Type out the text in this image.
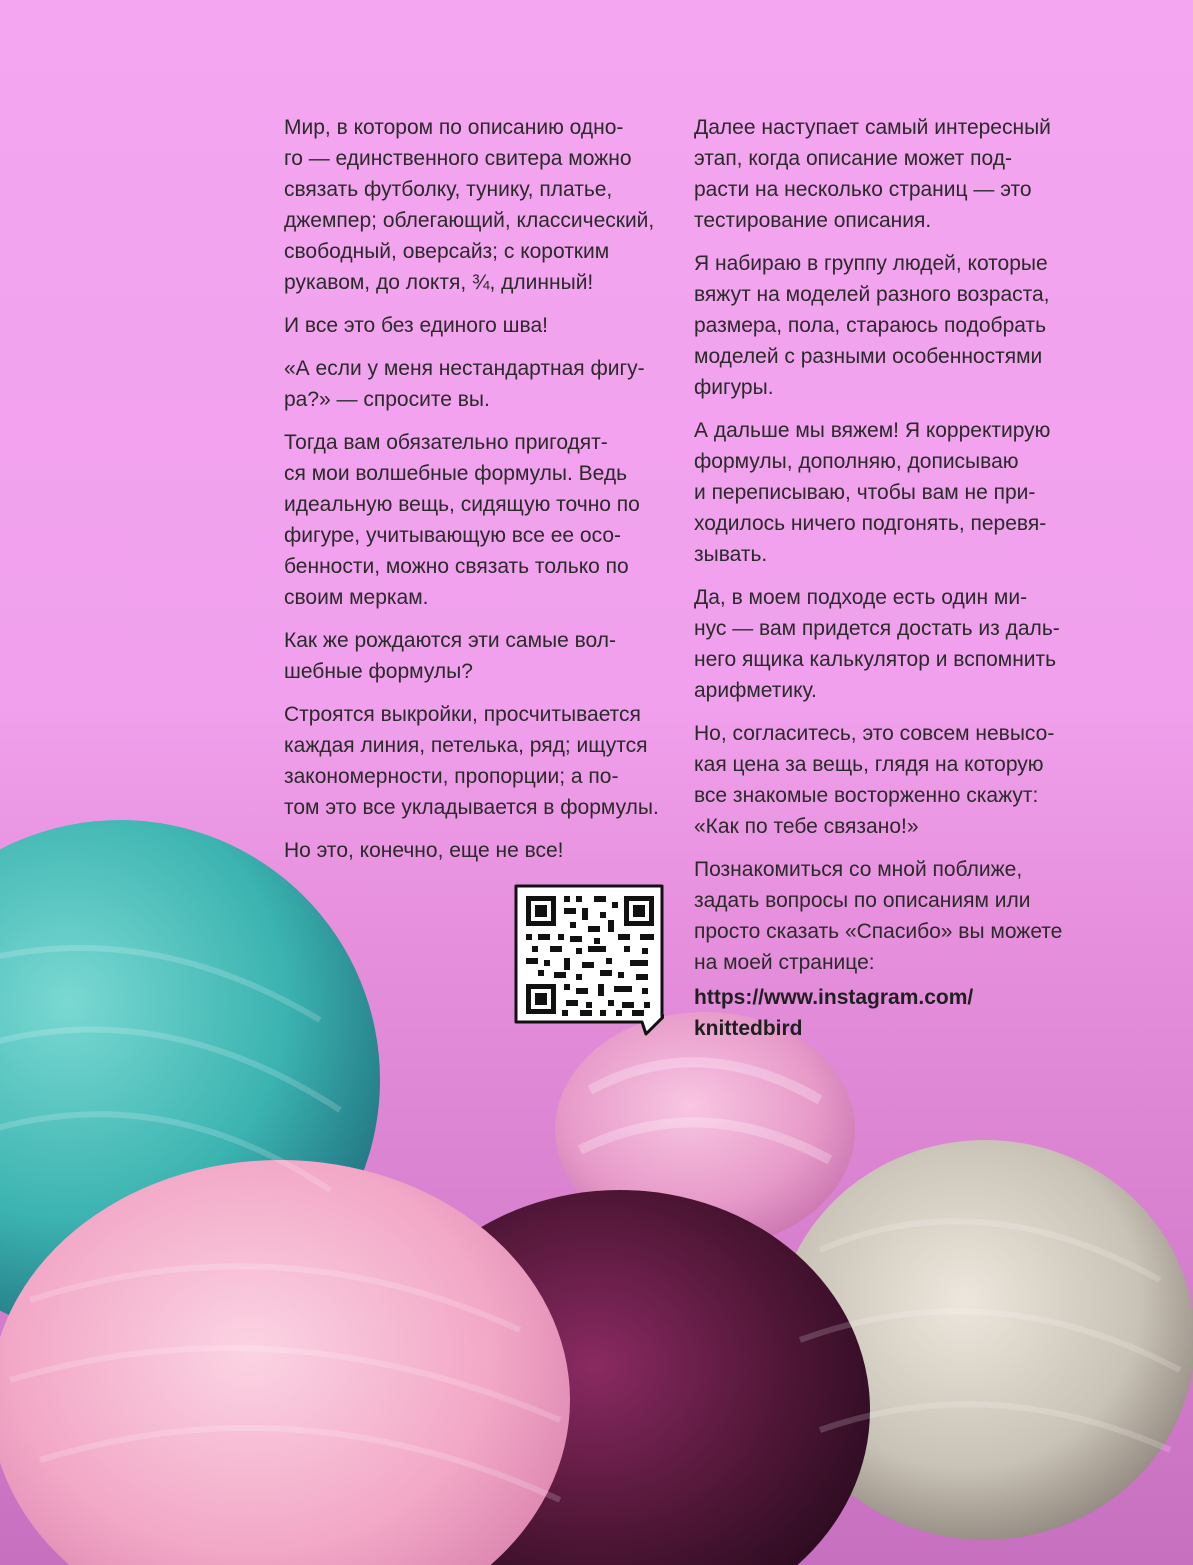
Мир, в котором по описанию одно-
го — единственного свитера можно
связать футболку, тунику, платье,
джемпер; облегающий, классический,
свободный, оверсайз; с коротким
рукавом, до локтя, ¾, длинный!

И все это без единого шва!

«А если у меня нестандартная фигу-
ра?» — спросите вы.

Тогда вам обязательно пригодят-
ся мои волшебные формулы. Ведь
идеальную вещь, сидящую точно по
фигуре, учитывающую все ее осо-
бенности, можно связать только по
своим меркам.

Как же рождаются эти самые вол-
шебные формулы?

Строятся выкройки, просчитывается
каждая линия, петелька, ряд; ищутся
закономерности, пропорции; а по-
том это все укладывается в формулы.

Но это, конечно, еще не все!

Далее наступает самый интересный
этап, когда описание может под-
расти на несколько страниц — это
тестирование описания.

Я набираю в группу людей, которые
вяжут на моделей разного возраста,
размера, пола, стараюсь подобрать
моделей с разными особенностями
фигуры.

А дальше мы вяжем! Я корректирую
формулы, дополняю, дописываю
и переписываю, чтобы вам не при-
ходилось ничего подгонять, перевя-
зывать.

Да, в моем подходе есть один ми-
нус — вам придется достать из даль-
него ящика калькулятор и вспомнить
арифметику.

Но, согласитесь, это совсем невысо-
кая цена за вещь, глядя на которую
все знакомые восторженно скажут:
«Как по тебе связано!»

Познакомиться со мной поближе,
задать вопросы по описаниям или
просто сказать «Спасибо» вы можете
на моей странице:

https://www.instagram.com/
knittedbird
